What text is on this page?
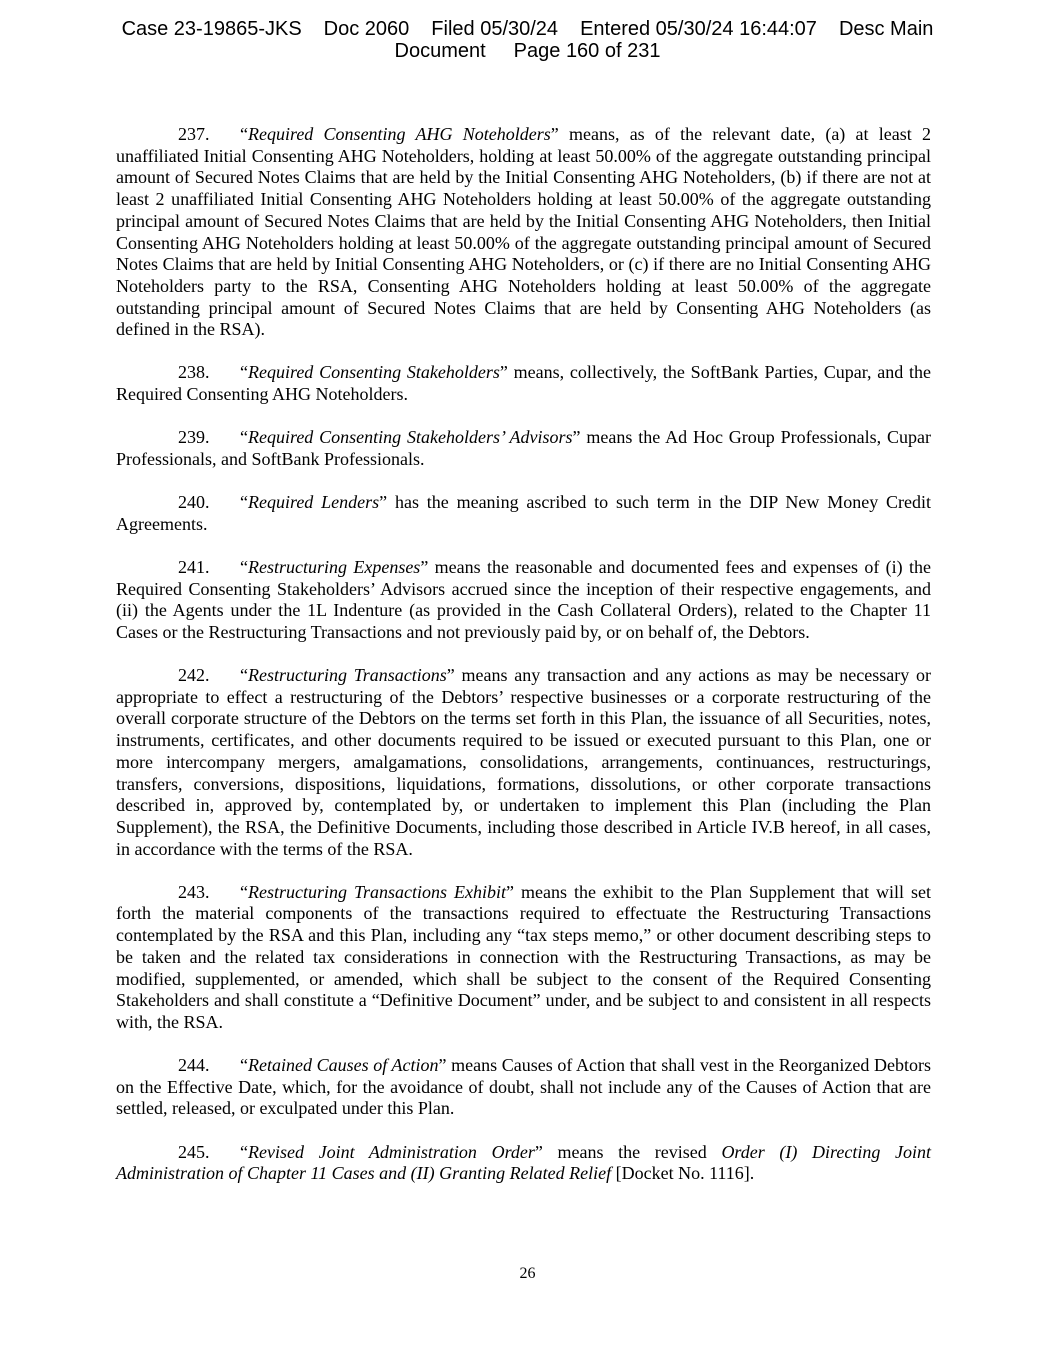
Case 23-19865-JKS Doc 2060 Filed 05/30/24 Entered 05/30/24 16:44:07 Desc Main
Document Page 160 of 231

237. “Required Consenting AHG Noteholders” means, as of the relevant date, (a) at least 2 unaffiliated Initial Consenting AHG Noteholders, holding at least 50.00% of the aggregate outstanding principal amount of Secured Notes Claims that are held by the Initial Consenting AHG Noteholders, (b) if there are not at least 2 unaffiliated Initial Consenting AHG Noteholders holding at least 50.00% of the aggregate outstanding principal amount of Secured Notes Claims that are held by the Initial Consenting AHG Noteholders, then Initial Consenting AHG Noteholders holding at least 50.00% of the aggregate outstanding principal amount of Secured Notes Claims that are held by Initial Consenting AHG Noteholders, or (c) if there are no Initial Consenting AHG Noteholders party to the RSA, Consenting AHG Noteholders holding at least 50.00% of the aggregate outstanding principal amount of Secured Notes Claims that are held by Consenting AHG Noteholders (as defined in the RSA).

238. “Required Consenting Stakeholders” means, collectively, the SoftBank Parties, Cupar, and the Required Consenting AHG Noteholders.

239. “Required Consenting Stakeholders’ Advisors” means the Ad Hoc Group Professionals, Cupar Professionals, and SoftBank Professionals.

240. “Required Lenders” has the meaning ascribed to such term in the DIP New Money Credit Agreements.

241. “Restructuring Expenses” means the reasonable and documented fees and expenses of (i) the Required Consenting Stakeholders’ Advisors accrued since the inception of their respective engagements, and (ii) the Agents under the 1L Indenture (as provided in the Cash Collateral Orders), related to the Chapter 11 Cases or the Restructuring Transactions and not previously paid by, or on behalf of, the Debtors.

242. “Restructuring Transactions” means any transaction and any actions as may be necessary or appropriate to effect a restructuring of the Debtors’ respective businesses or a corporate restructuring of the overall corporate structure of the Debtors on the terms set forth in this Plan, the issuance of all Securities, notes, instruments, certificates, and other documents required to be issued or executed pursuant to this Plan, one or more intercompany mergers, amalgamations, consolidations, arrangements, continuances, restructurings, transfers, conversions, dispositions, liquidations, formations, dissolutions, or other corporate transactions described in, approved by, contemplated by, or undertaken to implement this Plan (including the Plan Supplement), the RSA, the Definitive Documents, including those described in Article IV.B hereof, in all cases, in accordance with the terms of the RSA.

243. “Restructuring Transactions Exhibit” means the exhibit to the Plan Supplement that will set forth the material components of the transactions required to effectuate the Restructuring Transactions contemplated by the RSA and this Plan, including any “tax steps memo,” or other document describing steps to be taken and the related tax considerations in connection with the Restructuring Transactions, as may be modified, supplemented, or amended, which shall be subject to the consent of the Required Consenting Stakeholders and shall constitute a “Definitive Document” under, and be subject to and consistent in all respects with, the RSA.

244. “Retained Causes of Action” means Causes of Action that shall vest in the Reorganized Debtors on the Effective Date, which, for the avoidance of doubt, shall not include any of the Causes of Action that are settled, released, or exculpated under this Plan.

245. “Revised Joint Administration Order” means the revised Order (I) Directing Joint Administration of Chapter 11 Cases and (II) Granting Related Relief [Docket No. 1116].

26
